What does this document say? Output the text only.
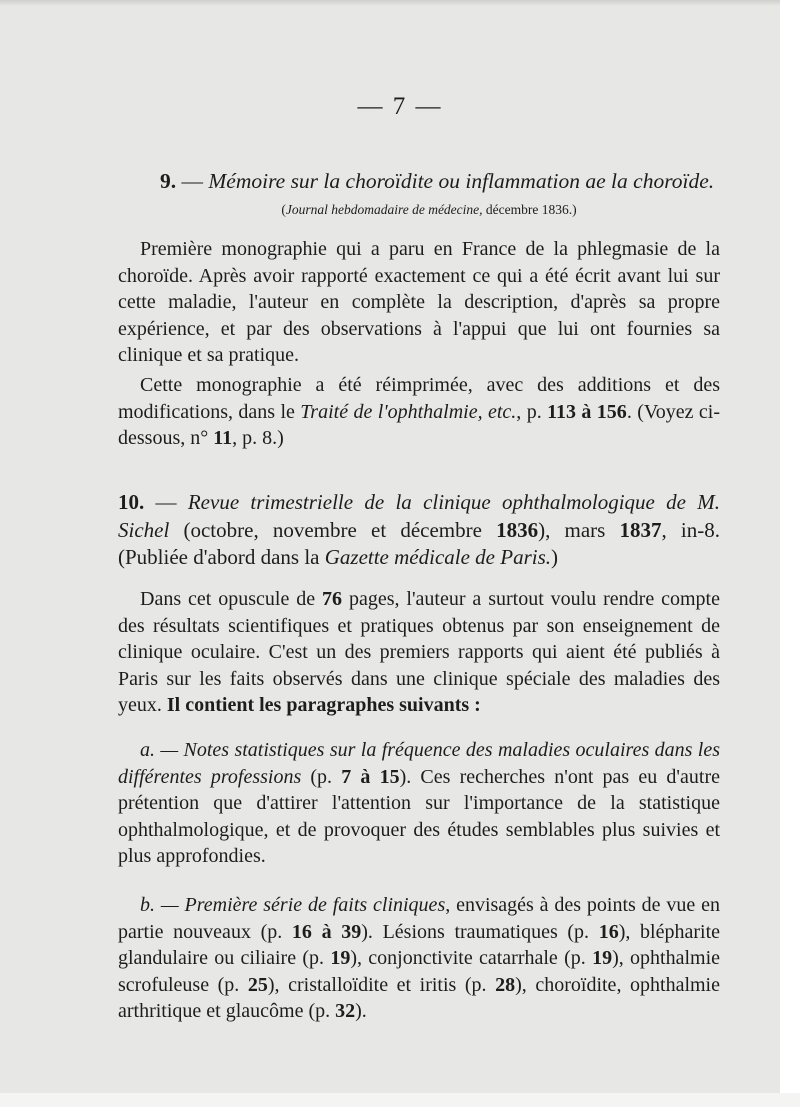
— 7 —
9. — Mémoire sur la choroïdite ou inflammation ae la choroïde.
(Journal hebdomadaire de médecine, décembre 1836.)

Première monographie qui a paru en France de la phlegmasie de la choroïde. Après avoir rapporté exactement ce qui a été écrit avant lui sur cette maladie, l'auteur en complète la description, d'après sa propre expérience, et par des observations à l'appui que lui ont fournies sa clinique et sa pratique.

Cette monographie a été réimprimée, avec des additions et des modifications, dans le Traité de l'ophthalmie, etc., p. 113 à 156. (Voyez ci-dessous, n° 11, p. 8.)

10. — Revue trimestrielle de la clinique ophthalmologique de M. Sichel (octobre, novembre et décembre 1836), mars 1837, in-8. (Publiée d'abord dans la Gazette médicale de Paris.)

Dans cet opuscule de 76 pages, l'auteur a surtout voulu rendre compte des résultats scientifiques et pratiques obtenus par son enseignement de clinique oculaire. C'est un des premiers rapports qui aient été publiés à Paris sur les faits observés dans une clinique spéciale des maladies des yeux. Il contient les paragraphes suivants :

a. — Notes statistiques sur la fréquence des maladies oculaires dans les différentes professions (p. 7 à 15). Ces recherches n'ont pas eu d'autre prétention que d'attirer l'attention sur l'importance de la statistique ophthalmologique, et de provoquer des études semblables plus suivies et plus approfondies.

b. — Première série de faits cliniques, envisagés à des points de vue en partie nouveaux (p. 16 à 39). Lésions traumatiques (p. 16), blépharite glandulaire ou ciliaire (p. 19), conjonctivite catarrhale (p. 19), ophthalmie scrofuleuse (p. 25), cristalloïdite et iritis (p. 28), choroïdite, ophthalmie arthritique et glaucôme (p. 32).
